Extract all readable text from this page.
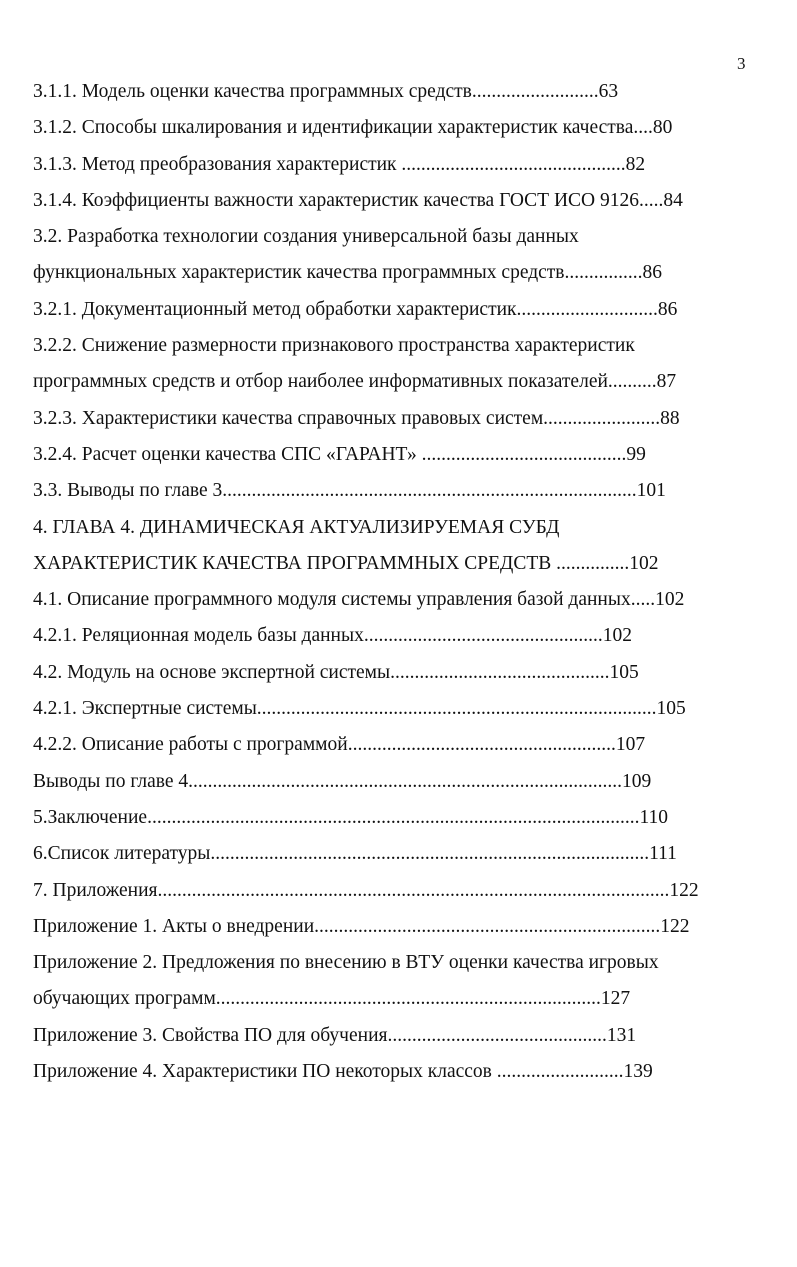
3
3.1.1. Модель оценки качества программных средств..........................63
3.1.2. Способы шкалирования и идентификации характеристик качества....80
3.1.3. Метод преобразования характеристик ..............................................82
3.1.4. Коэффициенты важности характеристик качества ГОСТ ИСО 9126.....84
3.2. Разработка технологии создания универсальной базы данных
функциональных характеристик качества программных средств................86
3.2.1. Документационный метод обработки характеристик.............................86
3.2.2. Снижение размерности признакового пространства характеристик
программных средств и отбор наиболее информативных показателей..........87
3.2.3. Характеристики качества справочных правовых систем........................88
3.2.4. Расчет оценки качества СПС «ГАРАНТ» ..........................................99
3.3. Выводы по главе 3.....................................................................................101
4. ГЛАВА 4. ДИНАМИЧЕСКАЯ АКТУАЛИЗИРУЕМАЯ СУБД
ХАРАКТЕРИСТИК КАЧЕСТВА ПРОГРАММНЫХ СРЕДСТВ ...............102
4.1. Описание программного модуля системы управления базой данных.....102
4.2.1. Реляционная модель базы данных.................................................102
4.2. Модуль на основе экспертной системы.............................................105
4.2.1. Экспертные системы..................................................................................105
4.2.2. Описание работы с программой.......................................................107
Выводы по главе 4.........................................................................................109
5.Заключение.....................................................................................................110
6.Список литературы..........................................................................................111
7. Приложения.........................................................................................................122
Приложение 1. Акты о внедрении.......................................................................122
Приложение 2. Предложения по внесению в ВТУ оценки качества игровых
обучающих программ...............................................................................127
Приложение 3. Свойства ПО для обучения.............................................131
Приложение 4. Характеристики ПО некоторых классов ..........................139
